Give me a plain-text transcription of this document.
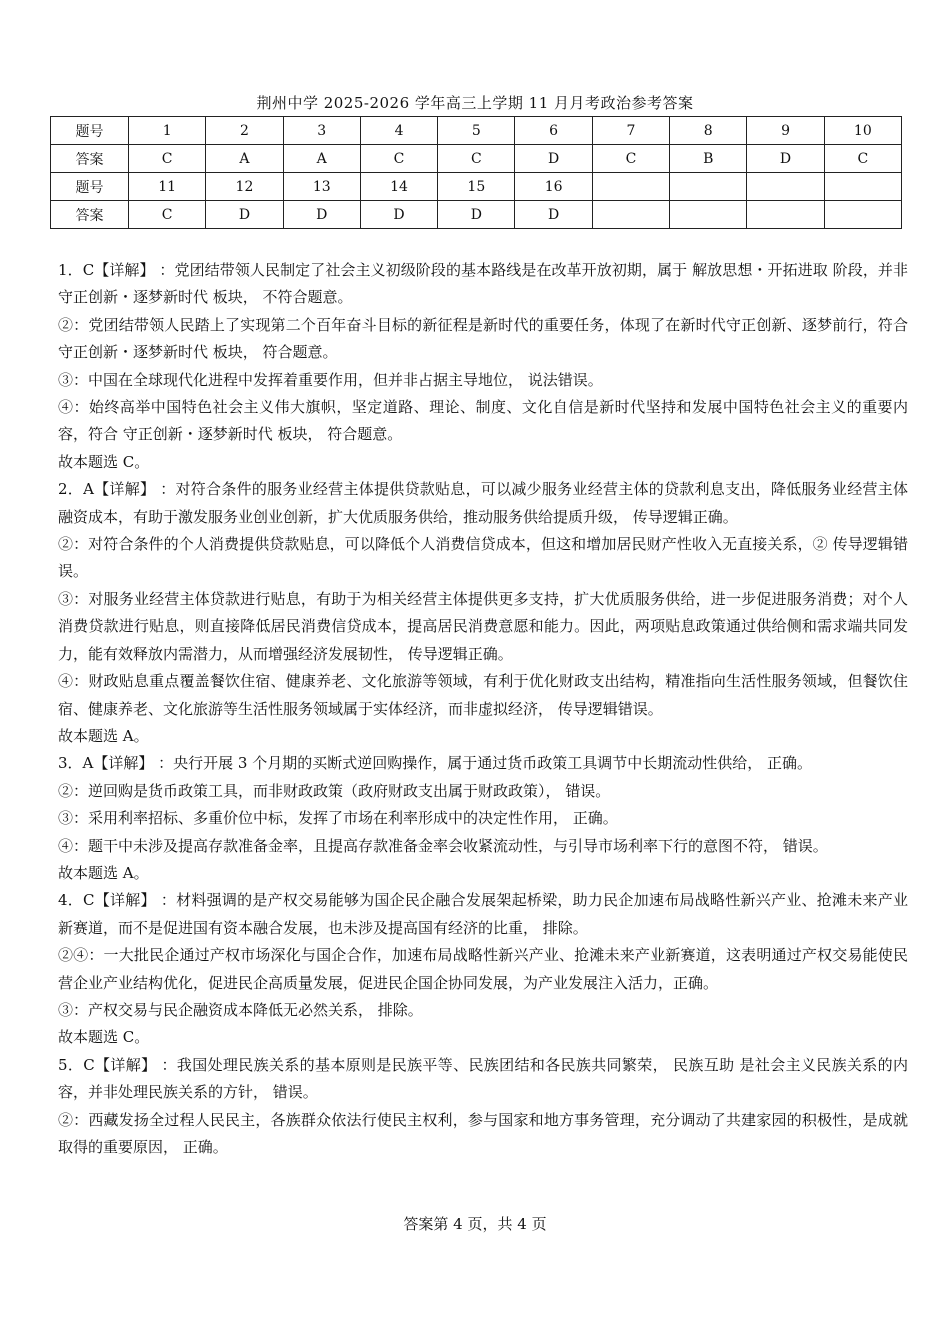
荆州中学 2025-2026 学年高三上学期 11 月月考政治参考答案
题号	1	2	3	4	5	6	7	8	9	10
答案	C	A	A	C	C	D	C	B	D	C
题号	11	12	13	14	15	16				
答案	C	D	D	D	D	D				

1．C【详解】 ：党团结带领人民制定了社会主义初级阶段的基本路线是在改革开放初期，属于 解放思想・开拓进取 阶段，并非 守正创新・逐梦新时代 板块， 不符合题意。

②：党团结带领人民踏上了实现第二个百年奋斗目标的新征程是新时代的重要任务，体现了在新时代守正创新、逐梦前行，符合 守正创新・逐梦新时代 板块， 符合题意。

③：中国在全球现代化进程中发挥着重要作用，但并非占据主导地位， 说法错误。

④：始终高举中国特色社会主义伟大旗帜，坚定道路、理论、制度、文化自信是新时代坚持和发展中国特色社会主义的重要内容，符合 守正创新・逐梦新时代 板块， 符合题意。

故本题选 C。

2．A【详解】 ：对符合条件的服务业经营主体提供贷款贴息，可以减少服务业经营主体的贷款利息支出，降低服务业经营主体融资成本，有助于激发服务业创业创新，扩大优质服务供给，推动服务供给提质升级， 传导逻辑正确。

②：对符合条件的个人消费提供贷款贴息，可以降低个人消费信贷成本，但这和增加居民财产性收入无直接关系，② 传导逻辑错误。

③：对服务业经营主体贷款进行贴息，有助于为相关经营主体提供更多支持，扩大优质服务供给，进一步促进服务消费；对个人消费贷款进行贴息，则直接降低居民消费信贷成本，提高居民消费意愿和能力。因此，两项贴息政策通过供给侧和需求端共同发力，能有效释放内需潜力，从而增强经济发展韧性， 传导逻辑正确。

④：财政贴息重点覆盖餐饮住宿、健康养老、文化旅游等领域，有利于优化财政支出结构，精准指向生活性服务领域，但餐饮住宿、健康养老、文化旅游等生活性服务领域属于实体经济，而非虚拟经济， 传导逻辑错误。

故本题选 A。

3．A【详解】 ：央行开展 3 个月期的买断式逆回购操作，属于通过货币政策工具调节中长期流动性供给， 正确。

②：逆回购是货币政策工具，而非财政政策（政府财政支出属于财政政策）， 错误。

③：采用利率招标、多重价位中标，发挥了市场在利率形成中的决定性作用， 正确。

④：题干中未涉及提高存款准备金率，且提高存款准备金率会收紧流动性，与引导市场利率下行的意图不符， 错误。

故本题选 A。

4．C【详解】 ：材料强调的是产权交易能够为国企民企融合发展架起桥梁，助力民企加速布局战略性新兴产业、抢滩未来产业新赛道，而不是促进国有资本融合发展，也未涉及提高国有经济的比重， 排除。

②④：一大批民企通过产权市场深化与国企合作，加速布局战略性新兴产业、抢滩未来产业新赛道，这表明通过产权交易能使民营企业产业结构优化，促进民企高质量发展，促进民企国企协同发展，为产业发展注入活力，正确。

③：产权交易与民企融资成本降低无必然关系， 排除。

故本题选 C。

5．C【详解】 ：我国处理民族关系的基本原则是民族平等、民族团结和各民族共同繁荣， 民族互助 是社会主义民族关系的内容，并非处理民族关系的方针， 错误。

②：西藏发扬全过程人民民主，各族群众依法行使民主权利，参与国家和地方事务管理，充分调动了共建家园的积极性，是成就取得的重要原因， 正确。

答案第 4 页，共 4 页
